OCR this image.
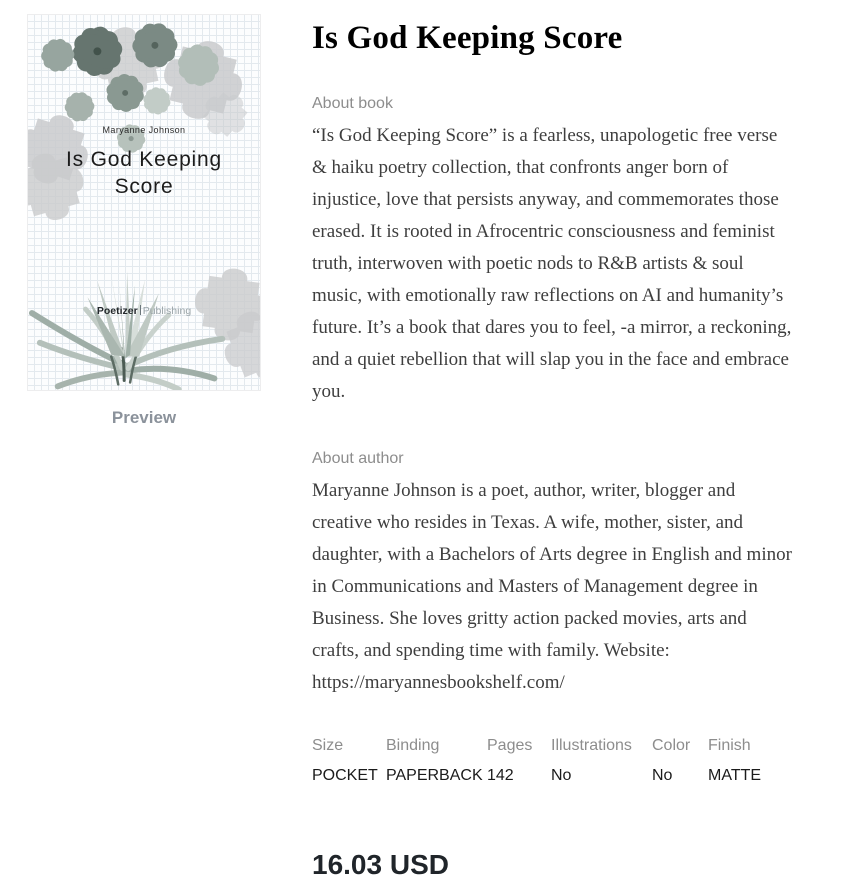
Maryanne Johnson
Is God Keeping
Score
Poetizer Publishing
Preview
Is God Keeping Score

About book

“Is God Keeping Score” is a fearless, unapologetic free verse & haiku poetry collection, that confronts anger born of injustice, love that persists anyway, and commemorates those erased. It is rooted in Afrocentric consciousness and feminist truth, interwoven with poetic nods to R&B artists & soul music, with emotionally raw reflections on AI and humanity’s future. It’s a book that dares you to feel, -a mirror, a reckoning, and a quiet rebellion that will slap you in the face and embrace you.

About author

Maryanne Johnson is a poet, author, writer, blogger and creative who resides in Texas. A wife, mother, sister, and daughter, with a Bachelors of Arts degree in English and minor in Communications and Masters of Management degree in Business. She loves gritty action packed movies, arts and crafts, and spending time with family. Website: https://maryannesbookshelf.com/

Size
POCKET
Binding
PAPERBACK
Pages
142
Illustrations
No
Color
No
Finish
MATTE
16.03 USD
